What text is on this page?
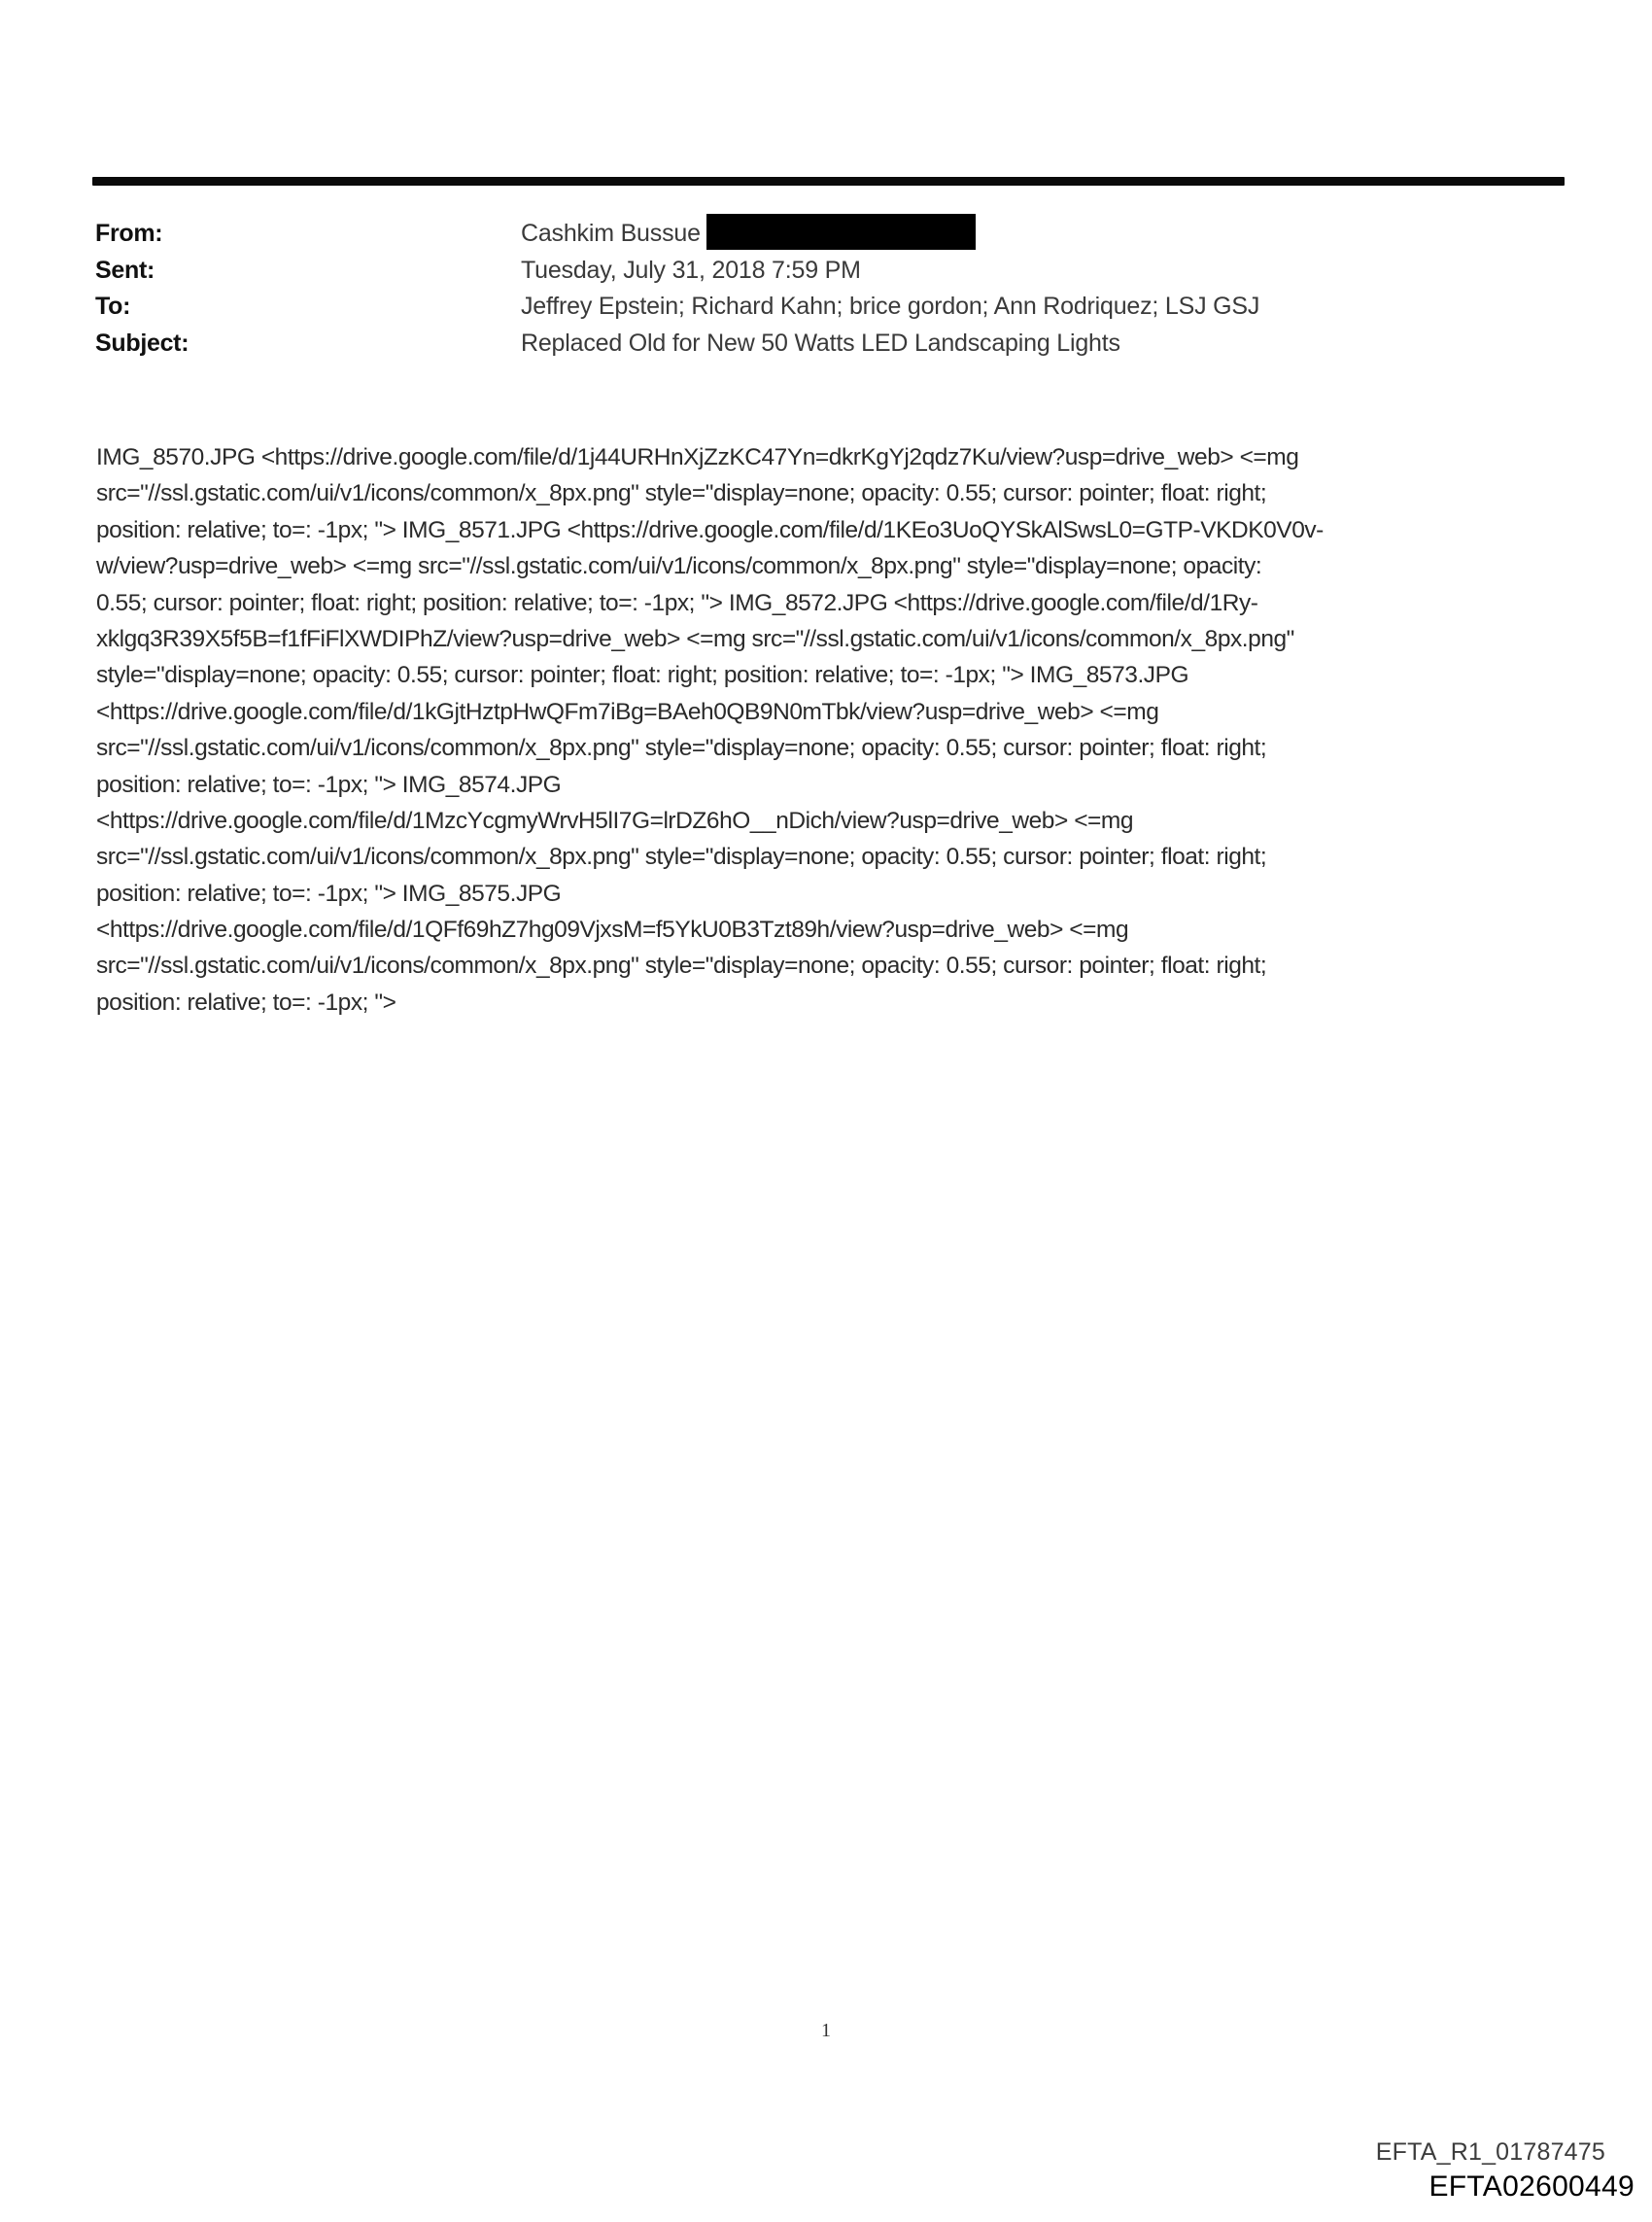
From:	Cashkim Bussue
Sent:	Tuesday, July 31, 2018 7:59 PM
To:	Jeffrey Epstein; Richard Kahn; brice gordon; Ann Rodriquez; LSJ GSJ
Subject:	Replaced Old for New 50 Watts LED Landscaping Lights
IMG_8570.JPG <https://drive.google.com/file/d/1j44URHnXjZzKC47Yn=dkrKgYj2qdz7Ku/view?usp=drive_web> <=mg
src="//ssl.gstatic.com/ui/v1/icons/common/x_8px.png" style="display=none; opacity: 0.55; cursor: pointer; float: right;
position: relative; to=: -1px; "> IMG_8571.JPG <https://drive.google.com/file/d/1KEo3UoQYSkAlSwsL0=GTP-VKDK0V0v-
w/view?usp=drive_web> <=mg src="//ssl.gstatic.com/ui/v1/icons/common/x_8px.png" style="display=none; opacity:
0.55; cursor: pointer; float: right; position: relative; to=: -1px; "> IMG_8572.JPG <https://drive.google.com/file/d/1Ry-
xklgq3R39X5f5B=f1fFiFlXWDIPhZ/view?usp=drive_web> <=mg src="//ssl.gstatic.com/ui/v1/icons/common/x_8px.png"
style="display=none; opacity: 0.55; cursor: pointer; float: right; position: relative; to=: -1px; "> IMG_8573.JPG
<https://drive.google.com/file/d/1kGjtHztpHwQFm7iBg=BAeh0QB9N0mTbk/view?usp=drive_web> <=mg
src="//ssl.gstatic.com/ui/v1/icons/common/x_8px.png" style="display=none; opacity: 0.55; cursor: pointer; float: right;
position: relative; to=: -1px; "> IMG_8574.JPG
<https://drive.google.com/file/d/1MzcYcgmyWrvH5lI7G=lrDZ6hO__nDich/view?usp=drive_web> <=mg
src="//ssl.gstatic.com/ui/v1/icons/common/x_8px.png" style="display=none; opacity: 0.55; cursor: pointer; float: right;
position: relative; to=: -1px; "> IMG_8575.JPG
<https://drive.google.com/file/d/1QFf69hZ7hg09VjxsM=f5YkU0B3Tzt89h/view?usp=drive_web> <=mg
src="//ssl.gstatic.com/ui/v1/icons/common/x_8px.png" style="display=none; opacity: 0.55; cursor: pointer; float: right;
position: relative; to=: -1px; ">
1
EFTA_R1_01787475
EFTA02600449
